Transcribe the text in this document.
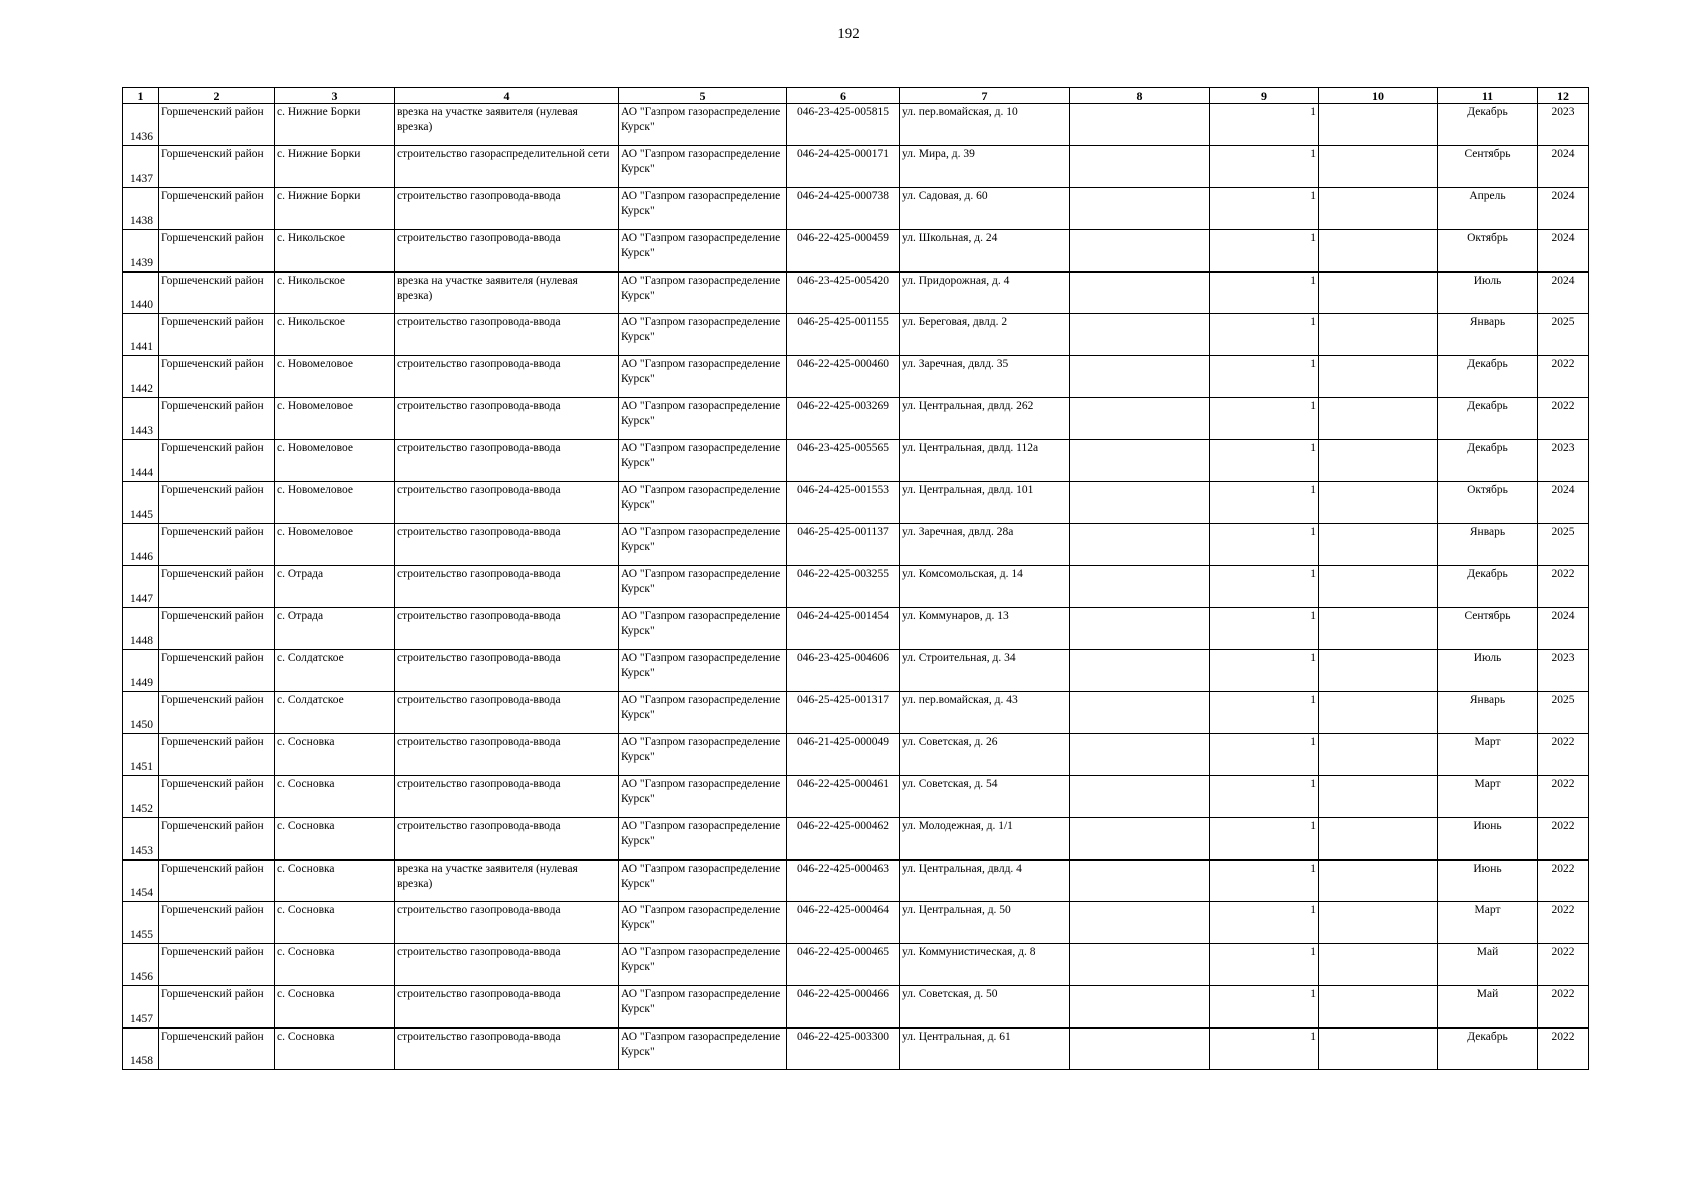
192
1	2	3	4	5	6	7	8	9	10	11	12
1436	Горшеченский район	с. Нижние Борки	врезка на участке заявителя (нулевая врезка)	АО "Газпром газораспределение Курск"	046-23-425-005815	ул. пер.вомайская, д. 10		1		Декабрь	2023
1437	Горшеченский район	с. Нижние Борки	строительство газораспределительной сети	АО "Газпром газораспределение Курск"	046-24-425-000171	ул. Мира, д. 39		1		Сентябрь	2024
1438	Горшеченский район	с. Нижние Борки	строительство газопровода-ввода	АО "Газпром газораспределение Курск"	046-24-425-000738	ул. Садовая, д. 60		1		Апрель	2024
1439	Горшеченский район	с. Никольское	строительство газопровода-ввода	АО "Газпром газораспределение Курск"	046-22-425-000459	ул. Школьная, д. 24		1		Октябрь	2024
1440	Горшеченский район	с. Никольское	врезка на участке заявителя (нулевая врезка)	АО "Газпром газораспределение Курск"	046-23-425-005420	ул. Придорожная, д. 4		1		Июль	2024
1441	Горшеченский район	с. Никольское	строительство газопровода-ввода	АО "Газпром газораспределение Курск"	046-25-425-001155	ул. Береговая, двлд. 2		1		Январь	2025
1442	Горшеченский район	с. Новомеловое	строительство газопровода-ввода	АО "Газпром газораспределение Курск"	046-22-425-000460	ул. Заречная, двлд. 35		1		Декабрь	2022
1443	Горшеченский район	с. Новомеловое	строительство газопровода-ввода	АО "Газпром газораспределение Курск"	046-22-425-003269	ул. Центральная, двлд. 262		1		Декабрь	2022
1444	Горшеченский район	с. Новомеловое	строительство газопровода-ввода	АО "Газпром газораспределение Курск"	046-23-425-005565	ул. Центральная, двлд. 112а		1		Декабрь	2023
1445	Горшеченский район	с. Новомеловое	строительство газопровода-ввода	АО "Газпром газораспределение Курск"	046-24-425-001553	ул. Центральная, двлд. 101		1		Октябрь	2024
1446	Горшеченский район	с. Новомеловое	строительство газопровода-ввода	АО "Газпром газораспределение Курск"	046-25-425-001137	ул. Заречная, двлд. 28а		1		Январь	2025
1447	Горшеченский район	с. Отрада	строительство газопровода-ввода	АО "Газпром газораспределение Курск"	046-22-425-003255	ул. Комсомольская, д. 14		1		Декабрь	2022
1448	Горшеченский район	с. Отрада	строительство газопровода-ввода	АО "Газпром газораспределение Курск"	046-24-425-001454	ул. Коммунаров, д. 13		1		Сентябрь	2024
1449	Горшеченский район	с. Солдатское	строительство газопровода-ввода	АО "Газпром газораспределение Курск"	046-23-425-004606	ул. Строительная, д. 34		1		Июль	2023
1450	Горшеченский район	с. Солдатское	строительство газопровода-ввода	АО "Газпром газораспределение Курск"	046-25-425-001317	ул. пер.вомайская, д. 43		1		Январь	2025
1451	Горшеченский район	с. Сосновка	строительство газопровода-ввода	АО "Газпром газораспределение Курск"	046-21-425-000049	ул. Советская, д. 26		1		Март	2022
1452	Горшеченский район	с. Сосновка	строительство газопровода-ввода	АО "Газпром газораспределение Курск"	046-22-425-000461	ул. Советская, д. 54		1		Март	2022
1453	Горшеченский район	с. Сосновка	строительство газопровода-ввода	АО "Газпром газораспределение Курск"	046-22-425-000462	ул. Молодежная, д. 1/1		1		Июнь	2022
1454	Горшеченский район	с. Сосновка	врезка на участке заявителя (нулевая врезка)	АО "Газпром газораспределение Курск"	046-22-425-000463	ул. Центральная, двлд. 4		1		Июнь	2022
1455	Горшеченский район	с. Сосновка	строительство газопровода-ввода	АО "Газпром газораспределение Курск"	046-22-425-000464	ул. Центральная, д. 50		1		Март	2022
1456	Горшеченский район	с. Сосновка	строительство газопровода-ввода	АО "Газпром газораспределение Курск"	046-22-425-000465	ул. Коммунистическая, д. 8		1		Май	2022
1457	Горшеченский район	с. Сосновка	строительство газопровода-ввода	АО "Газпром газораспределение Курск"	046-22-425-000466	ул. Советская, д. 50		1		Май	2022
1458	Горшеченский район	с. Сосновка	строительство газопровода-ввода	АО "Газпром газораспределение Курск"	046-22-425-003300	ул. Центральная, д. 61		1		Декабрь	2022
